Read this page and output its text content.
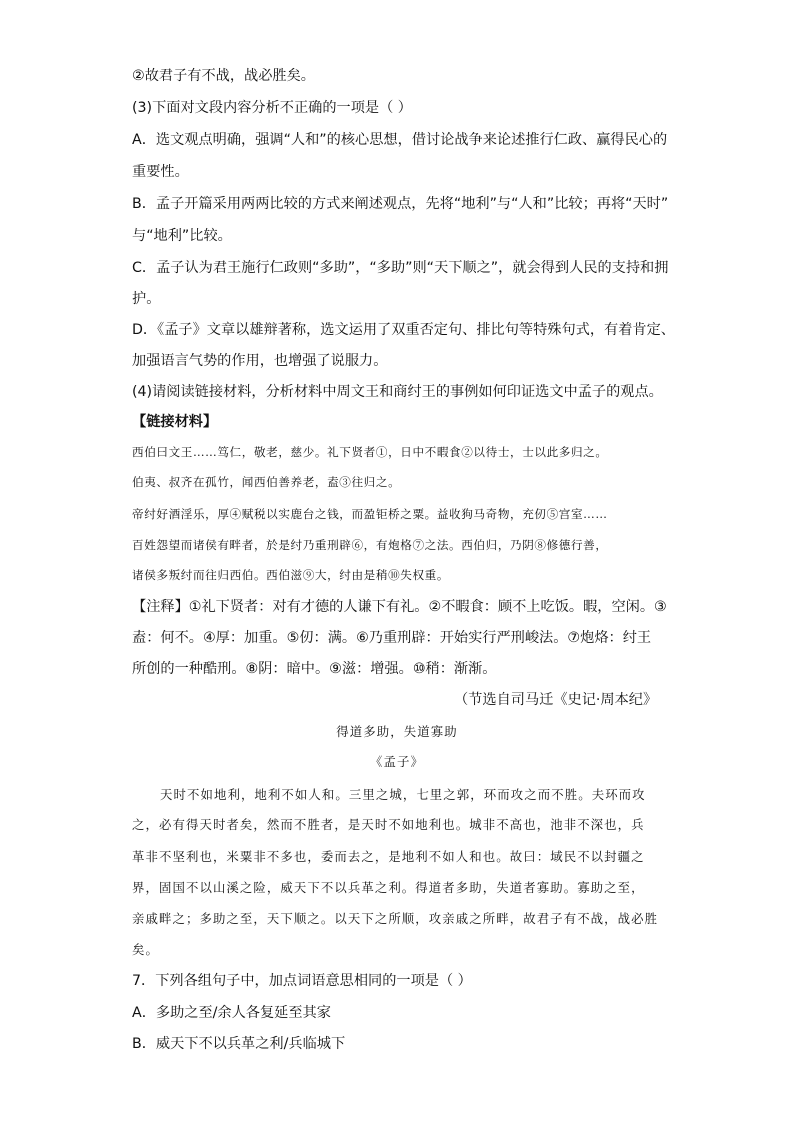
②故君子有不战，战必胜矣。
(3)下面对文段内容分析不正确的一项是（ ）
A．选文观点明确，强调“人和”的核心思想，借讨论战争来论述推行仁政、赢得民心的
重要性。
B．孟子开篇采用两两比较的方式来阐述观点，先将“地利”与“人和”比较；再将“天时”
与“地利”比较。
C．孟子认为君王施行仁政则“多助”，“多助”则“天下顺之”，就会得到人民的支持和拥
护。
D．《孟子》文章以雄辩著称，选文运用了双重否定句、排比句等特殊句式，有着肯定、
加强语言气势的作用，也增强了说服力。
(4)请阅读链接材料，分析材料中周文王和商纣王的事例如何印证选文中孟子的观点。
【链接材料】
西伯曰文王……笃仁，敬老，慈少。礼下贤者①，日中不暇食②以待士，士以此多归之。
伯夷、叔齐在孤竹，闻西伯善养老，盍③往归之。
帝纣好酒淫乐，厚④赋税以实鹿台之钱，而盈钜桥之粟。益收狗马奇物，充仞⑤宫室……
百姓怨望而诸侯有畔者，於是纣乃重刑辟⑥，有炮格⑦之法。西伯归，乃阴⑧修德行善，
诸侯多叛纣而往归西伯。西伯滋⑨大，纣由是稍⑩失权重。
【注释】①礼下贤者：对有才德的人谦下有礼。②不暇食：顾不上吃饭。暇，空闲。③
盍：何不。④厚：加重。⑤仞：满。⑥乃重刑辟：开始实行严刑峻法。⑦炮烙：纣王
所创的一种酷刑。⑧阴：暗中。⑨滋：增强。⑩稍：渐渐。
（节选自司马迁《史记·周本纪》
得道多助，失道寡助
《孟子》
天时不如地利，地利不如人和。三里之城，七里之郭，环而攻之而不胜。夫环而攻
之，必有得天时者矣，然而不胜者，是天时不如地利也。城非不高也，池非不深也，兵
革非不坚利也，米粟非不多也，委而去之，是地利不如人和也。故曰：域民不以封疆之
界，固国不以山溪之险，威天下不以兵革之利。得道者多助，失道者寡助。寡助之至，
亲戚畔之；多助之至，天下顺之。以天下之所顺，攻亲戚之所畔，故君子有不战，战必胜
矣。
7．下列各组句子中，加点词语意思相同的一项是（ ）
A．多助之至/余人各复延至其家
B．威天下不以兵革之利/兵临城下
